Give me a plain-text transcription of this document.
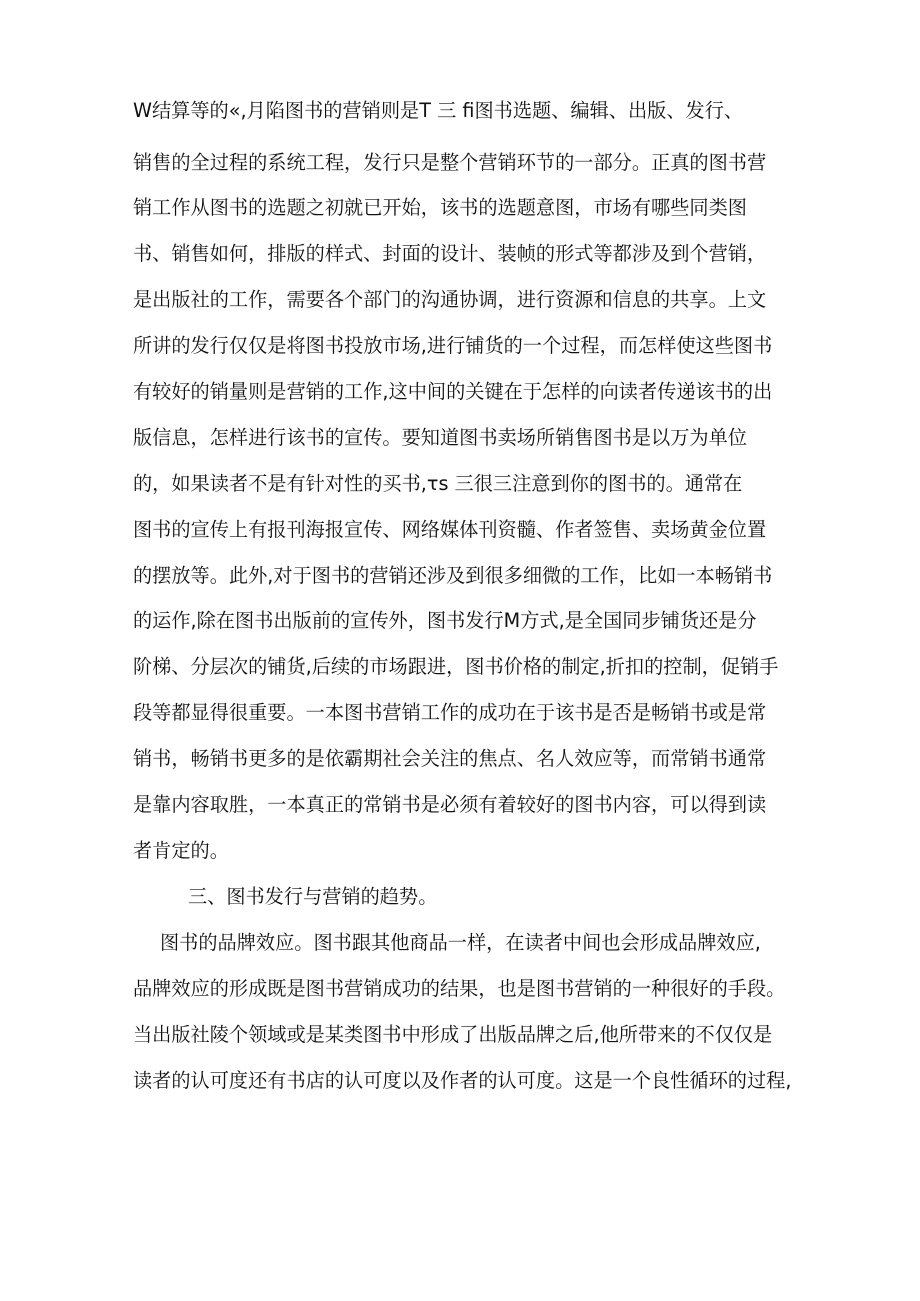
W结算等的«,月陷图书的营销则是T 三 fi图书选题、编辑、出版、发行、
销售的全过程的系统工程，发行只是整个营销环节的一部分。正真的图书营
销工作从图书的选题之初就已开始，该书的选题意图，市场有哪些同类图
书、销售如何，排版的样式、封面的设计、装帧的形式等都涉及到个营销，
是出版社的工作，需要各个部门的沟通协调，进行资源和信息的共享。上文
所讲的发行仅仅是将图书投放市场,进行铺货的一个过程，而怎样使这些图书
有较好的销量则是营销的工作,这中间的关键在于怎样的向读者传递该书的出
版信息，怎样进行该书的宣传。要知道图书卖场所销售图书是以万为单位
的，如果读者不是有针对性的买书,τs 三很三注意到你的图书的。通常在
图书的宣传上有报刊海报宣传、网络媒体刊资髓、作者签售、卖场黄金位置
的摆放等。此外,对于图书的营销还涉及到很多细微的工作，比如一本畅销书
的运作,除在图书出版前的宣传外，图书发行M方式,是全国同步铺货还是分
阶梯、分层次的铺货,后续的市场跟进，图书价格的制定,折扣的控制，促销手
段等都显得很重要。一本图书营销工作的成功在于该书是否是畅销书或是常
销书，畅销书更多的是依霸期社会关注的焦点、名人效应等，而常销书通常
是靠内容取胜，一本真正的常销书是必须有着较好的图书内容，可以得到读
者肯定的。
三、图书发行与营销的趋势。
图书的品牌效应。图书跟其他商品一样，在读者中间也会形成品牌效应,
品牌效应的形成既是图书营销成功的结果，也是图书营销的一种很好的手段。
当出版社陵个领域或是某类图书中形成了出版品牌之后,他所带来的不仅仅是
读者的认可度还有书店的认可度以及作者的认可度。这是一个良性循环的过程,
